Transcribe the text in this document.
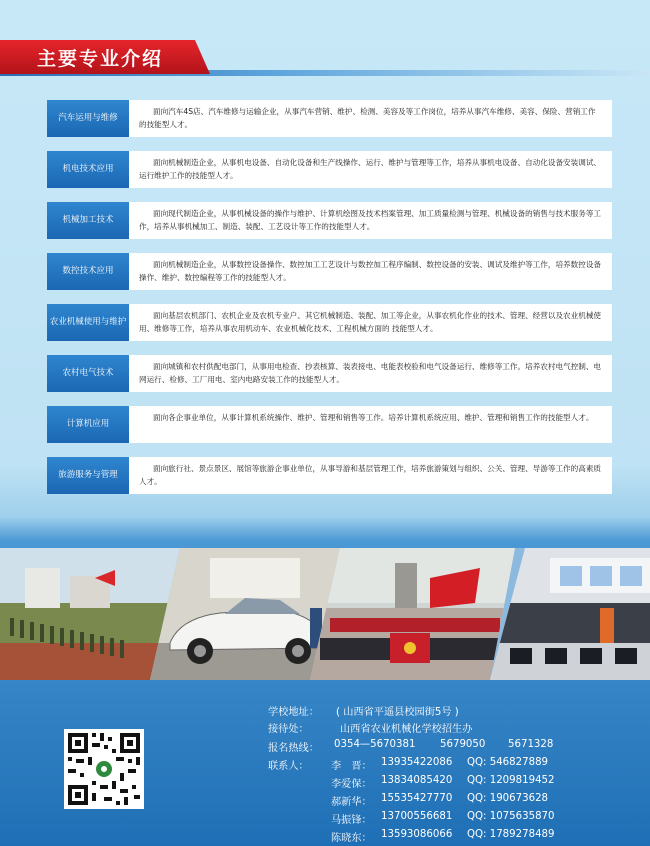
主要专业介绍
汽车运用与维修
面向汽车4S店、汽车维修与运输企业，从事汽车营销、维护、检测、美容及等工作岗位，培养从事汽车维修、美容、保险、营销工作的技能型人才。
机电技术应用
面向机械制造企业，从事机电设备、自动化设备和生产线操作、运行、维护与管理等工作，培养从事机电设备、自动化设备安装调试、运行维护工作的技能型人才。
机械加工技术
面向现代制造企业，从事机械设备的操作与维护、计算机绘图及技术档案管理、加工质量检测与管理、机械设备的销售与技术服务等工作，培养从事机械加工、制造、装配、工艺设计等工作的技能型人才。
数控技术应用
面向机械制造企业，从事数控设备操作、数控加工工艺设计与数控加工程序编制、数控设备的安装、调试及维护等工作，培养数控设备操作、维护、数控编程等工作的技能型人才。
农业机械使用与维护
面向基层农机部门、农机企业及农机专业户、其它机械制造、装配、加工等企业，从事农机化作业的技术、管理、经营以及农业机械使用、维修等工作，培养从事农用机动车、农业机械化技术、工程机械方面的 技能型人才。
农村电气技术
面向城镇和农村供配电部门，从事用电检查、抄表核算、装表接电、电能表校验和电气设备运行、维修等工作。培养农村电气控制、电网运行、检修、工厂用电、室内电路安装工作的技能型人才。
计算机应用
面向各企事业单位，从事计算机系统操作、维护、管理和销售等工作。培养计算机系统应用、维护、管理和销售工作的技能型人才。
旅游服务与管理
面向旅行社、景点景区、展馆等旅游企事业单位，从事导游和基层管理工作，培养旅游策划与组织、公关、管理、导游等工作的高素质人才。
学校地址： ( 山西省平遥县校园街5号 )
接待处：	山西省农业机械化学校招生办
报名热线： 0354—5670381 5679050 5671328
联系人： 李　晋： 13935422086 QQ: 546827889
李爱保： 13834085420 QQ: 1209819452
郝新华： 15535427770 QQ: 190673628
马振锋： 13700556681 QQ: 1075635870
陈晓东： 13593086066 QQ: 1789278489
